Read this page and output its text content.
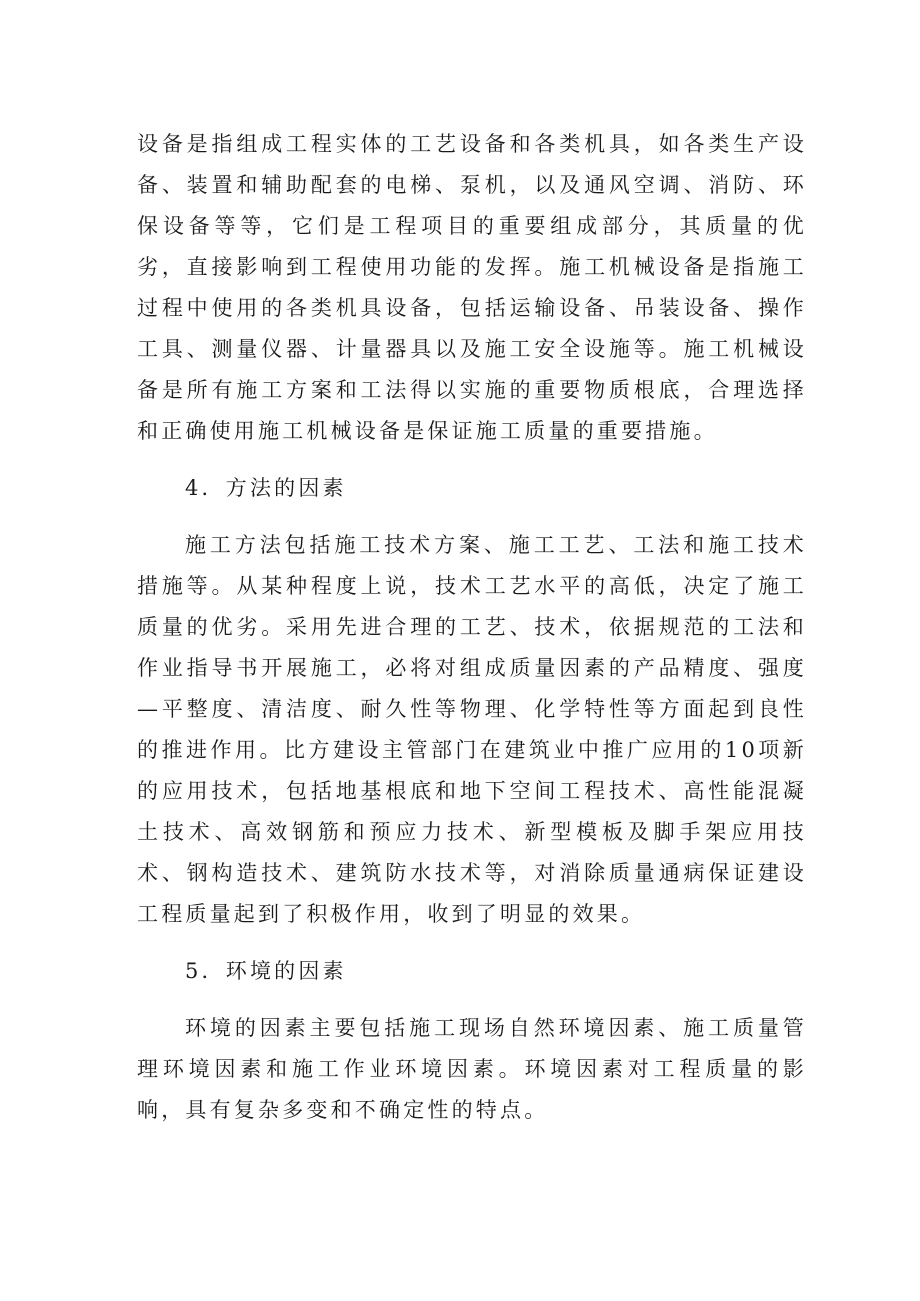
设备是指组成工程实体的工艺设备和各类机具，如各类生产设备、装置和辅助配套的电梯、泵机，以及通风空调、消防、环保设备等等，它们是工程项目的重要组成部分，其质量的优劣，直接影响到工程使用功能的发挥。施工机械设备是指施工过程中使用的各类机具设备，包括运输设备、吊装设备、操作工具、测量仪器、计量器具以及施工安全设施等。施工机械设备是所有施工方案和工法得以实施的重要物质根底，合理选择和正确使用施工机械设备是保证施工质量的重要措施。

4．方法的因素

施工方法包括施工技术方案、施工工艺、工法和施工技术措施等。从某种程度上说，技术工艺水平的高低，决定了施工质量的优劣。采用先进合理的工艺、技术，依据规范的工法和作业指导书开展施工，必将对组成质量因素的产品精度、强度—平整度、清洁度、耐久性等物理、化学特性等方面起到良性的推进作用。比方建设主管部门在建筑业中推广应用的10项新的应用技术，包括地基根底和地下空间工程技术、高性能混凝土技术、高效钢筋和预应力技术、新型模板及脚手架应用技术、钢构造技术、建筑防水技术等，对消除质量通病保证建设工程质量起到了积极作用，收到了明显的效果。

5．环境的因素

环境的因素主要包括施工现场自然环境因素、施工质量管理环境因素和施工作业环境因素。环境因素对工程质量的影响，具有复杂多变和不确定性的特点。
